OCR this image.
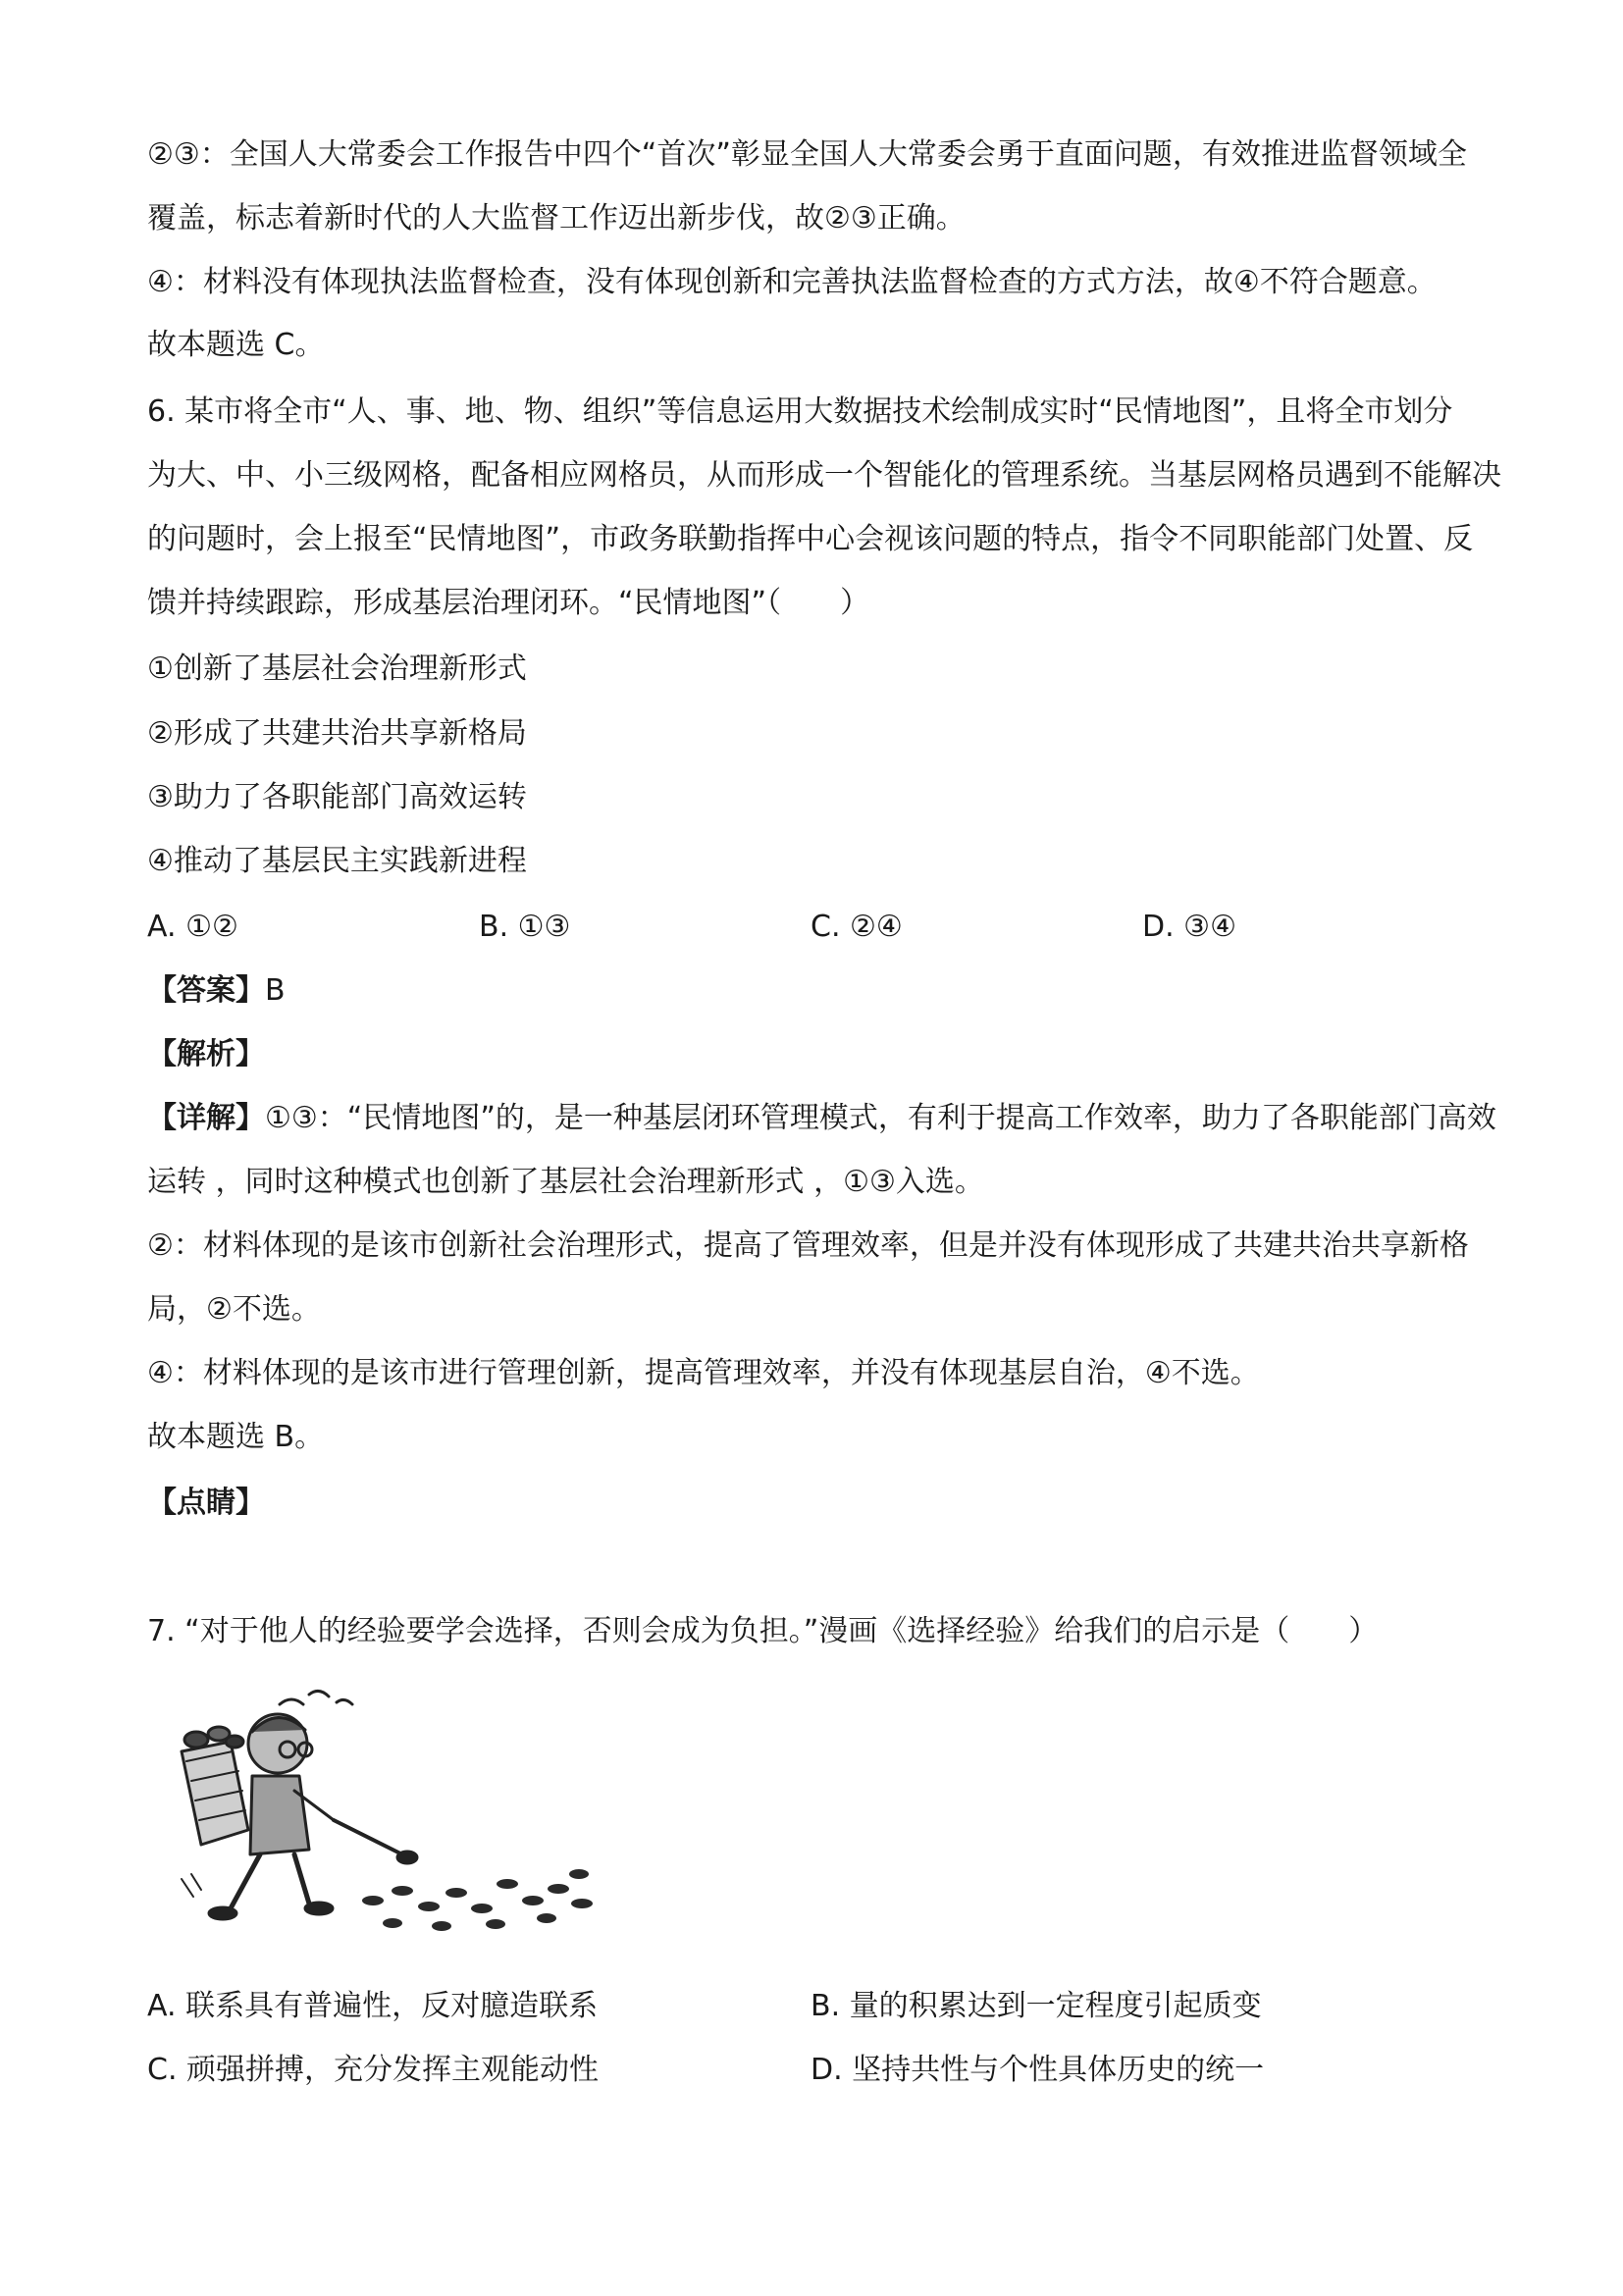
②③：全国人大常委会工作报告中四个“首次”彰显全国人大常委会勇于直面问题，有效推进监督领域全
覆盖，标志着新时代的人大监督工作迈出新步伐，故②③正确。
④：材料没有体现执法监督检查，没有体现创新和完善执法监督检查的方式方法，故④不符合题意。
故本题选 C。
6. 某市将全市“人、事、地、物、组织”等信息运用大数据技术绘制成实时“民情地图”，且将全市划分
为大、中、小三级网格，配备相应网格员，从而形成一个智能化的管理系统。当基层网格员遇到不能解决
的问题时，会上报至“民情地图”，市政务联勤指挥中心会视该问题的特点，指令不同职能部门处置、反
馈并持续跟踪，形成基层治理闭环。“民情地图”（　　）
①创新了基层社会治理新形式
②形成了共建共治共享新格局
③助力了各职能部门高效运转
④推动了基层民主实践新进程
A. ①②	B. ①③	C. ②④	D. ③④
【答案】B
【解析】
【详解】①③：“民情地图”的，是一种基层闭环管理模式，有利于提高工作效率，助力了各职能部门高效
运转 ，同时这种模式也创新了基层社会治理新形式 ，①③入选。
②：材料体现的是该市创新社会治理形式，提高了管理效率，但是并没有体现形成了共建共治共享新格
局，②不选。
④：材料体现的是该市进行管理创新，提高管理效率，并没有体现基层自治，④不选。
故本题选 B。
【点睛】
7. “对于他人的经验要学会选择，否则会成为负担。”漫画《选择经验》给我们的启示是（　　）
A. 联系具有普遍性，反对臆造联系	B. 量的积累达到一定程度引起质变
C. 顽强拼搏，充分发挥主观能动性	D. 坚持共性与个性具体历史的统一
